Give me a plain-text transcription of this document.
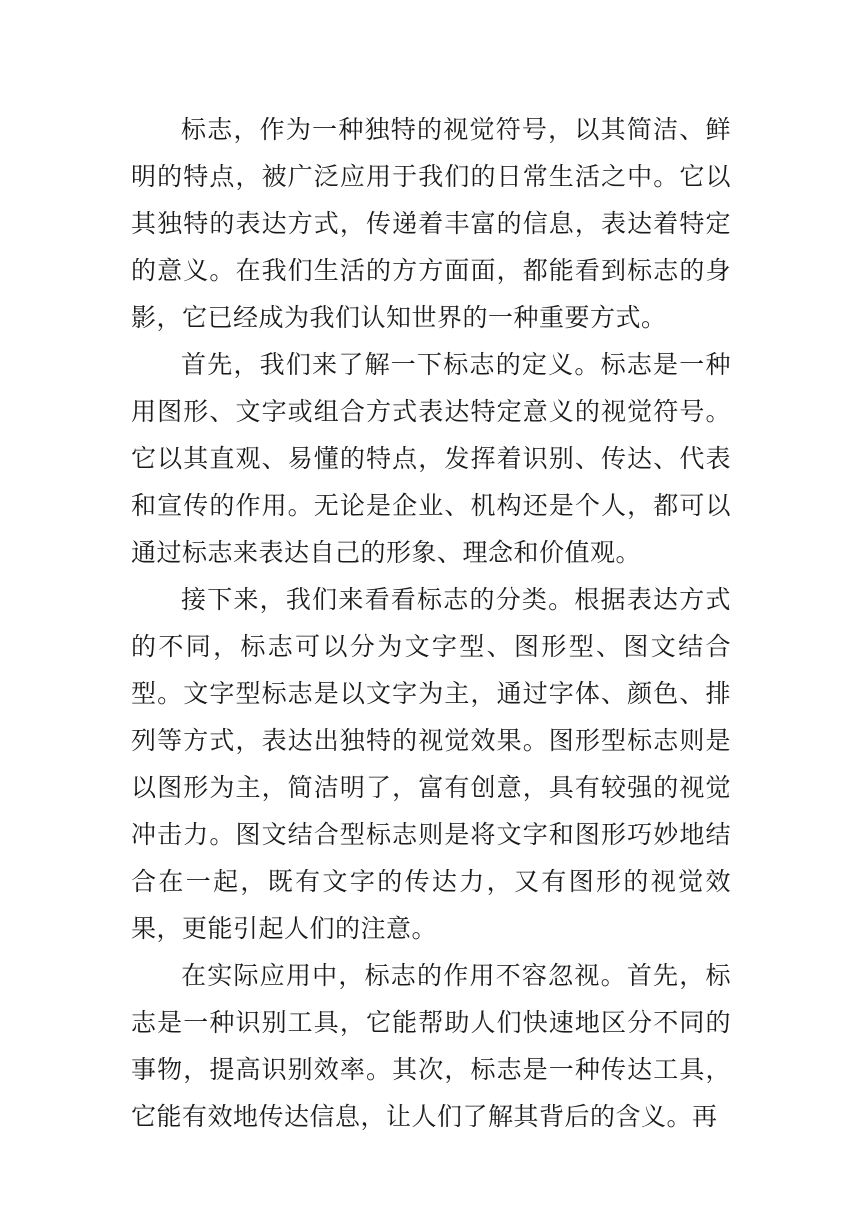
标志，作为一种独特的视觉符号，以其简洁、鲜明的特点，被广泛应用于我们的日常生活之中。它以其独特的表达方式，传递着丰富的信息，表达着特定的意义。在我们生活的方方面面，都能看到标志的身影，它已经成为我们认知世界的一种重要方式。

首先，我们来了解一下标志的定义。标志是一种用图形、文字或组合方式表达特定意义的视觉符号。它以其直观、易懂的特点，发挥着识别、传达、代表和宣传的作用。无论是企业、机构还是个人，都可以通过标志来表达自己的形象、理念和价值观。

接下来，我们来看看标志的分类。根据表达方式的不同，标志可以分为文字型、图形型、图文结合型。文字型标志是以文字为主，通过字体、颜色、排列等方式，表达出独特的视觉效果。图形型标志则是以图形为主，简洁明了，富有创意，具有较强的视觉冲击力。图文结合型标志则是将文字和图形巧妙地结合在一起，既有文字的传达力，又有图形的视觉效果，更能引起人们的注意。

在实际应用中，标志的作用不容忽视。首先，标志是一种识别工具，它能帮助人们快速地区分不同的事物，提高识别效率。其次，标志是一种传达工具，它能有效地传达信息，让人们了解其背后的含义。再
